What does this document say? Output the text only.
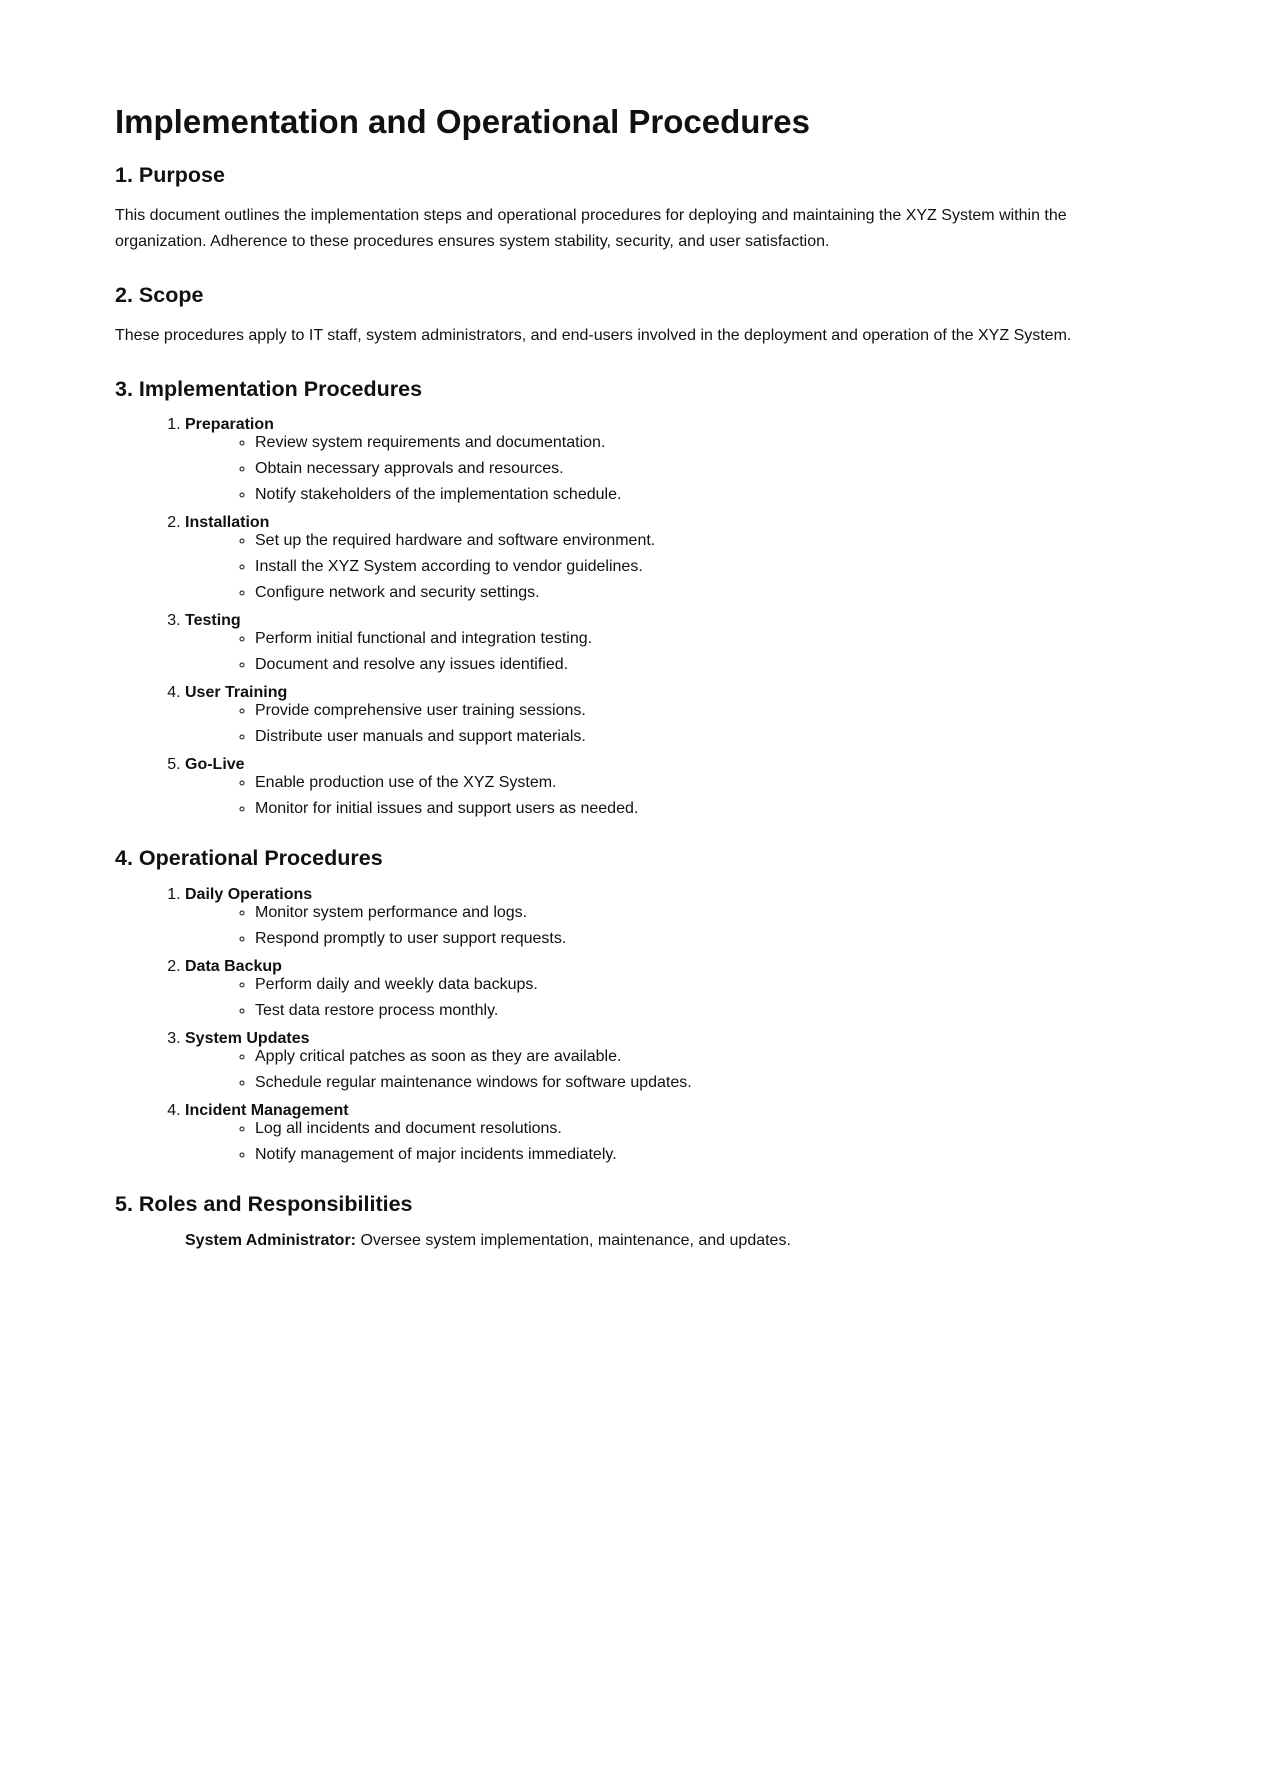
Implementation and Operational Procedures
1. Purpose

This document outlines the implementation steps and operational procedures for deploying and maintaining the XYZ System within the organization. Adherence to these procedures ensures system stability, security, and user satisfaction.

2. Scope

These procedures apply to IT staff, system administrators, and end-users involved in the deployment and operation of the XYZ System.

3. Implementation Procedures
1. Preparation
◦ Review system requirements and documentation.
◦ Obtain necessary approvals and resources.
◦ Notify stakeholders of the implementation schedule.
2. Installation
◦ Set up the required hardware and software environment.
◦ Install the XYZ System according to vendor guidelines.
◦ Configure network and security settings.
3. Testing
◦ Perform initial functional and integration testing.
◦ Document and resolve any issues identified.
4. User Training
◦ Provide comprehensive user training sessions.
◦ Distribute user manuals and support materials.
5. Go-Live
◦ Enable production use of the XYZ System.
◦ Monitor for initial issues and support users as needed.
4. Operational Procedures
1. Daily Operations
◦ Monitor system performance and logs.
◦ Respond promptly to user support requests.
2. Data Backup
◦ Perform daily and weekly data backups.
◦ Test data restore process monthly.
3. System Updates
◦ Apply critical patches as soon as they are available.
◦ Schedule regular maintenance windows for software updates.
4. Incident Management
◦ Log all incidents and document resolutions.
◦ Notify management of major incidents immediately.
5. Roles and Responsibilities
System Administrator: Oversee system implementation, maintenance, and updates.
